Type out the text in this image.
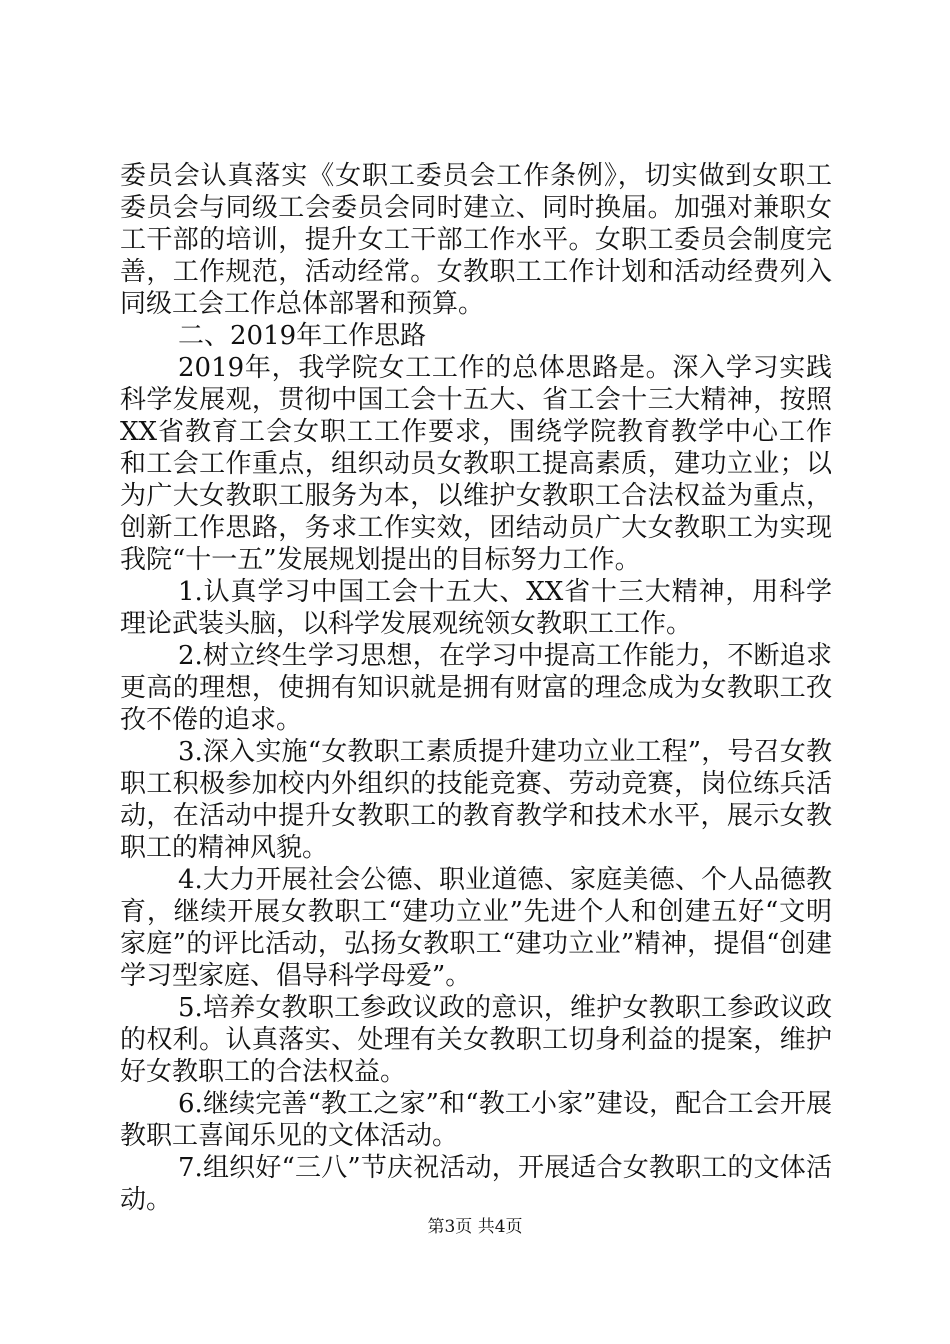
委员会认真落实《女职工委员会工作条例》，切实做到女职工委员会与同级工会委员会同时建立、同时换届。加强对兼职女工干部的培训，提升女工干部工作水平。女职工委员会制度完善，工作规范，活动经常。女教职工工作计划和活动经费列入同级工会工作总体部署和预算。

二、2019年工作思路

2019年，我学院女工工作的总体思路是。深入学习实践科学发展观，贯彻中国工会十五大、省工会十三大精神，按照XX省教育工会女职工工作要求，围绕学院教育教学中心工作和工会工作重点，组织动员女教职工提高素质，建功立业；以为广大女教职工服务为本，以维护女教职工合法权益为重点，创新工作思路，务求工作实效，团结动员广大女教职工为实现我院“十一五”发展规划提出的目标努力工作。

1.认真学习中国工会十五大、XX省十三大精神，用科学理论武装头脑，以科学发展观统领女教职工工作。

2.树立终生学习思想，在学习中提高工作能力，不断追求更高的理想，使拥有知识就是拥有财富的理念成为女教职工孜孜不倦的追求。

3.深入实施“女教职工素质提升建功立业工程”，号召女教职工积极参加校内外组织的技能竞赛、劳动竞赛，岗位练兵活动，在活动中提升女教职工的教育教学和技术水平，展示女教职工的精神风貌。

4.大力开展社会公德、职业道德、家庭美德、个人品德教育，继续开展女教职工“建功立业”先进个人和创建五好“文明家庭”的评比活动，弘扬女教职工“建功立业”精神，提倡“创建学习型家庭、倡导科学母爱”。

5.培养女教职工参政议政的意识，维护女教职工参政议政的权利。认真落实、处理有关女教职工切身利益的提案，维护好女教职工的合法权益。

6.继续完善“教工之家”和“教工小家”建设，配合工会开展教职工喜闻乐见的文体活动。

7.组织好“三八”节庆祝活动，开展适合女教职工的文体活动。

第3页 共4页
